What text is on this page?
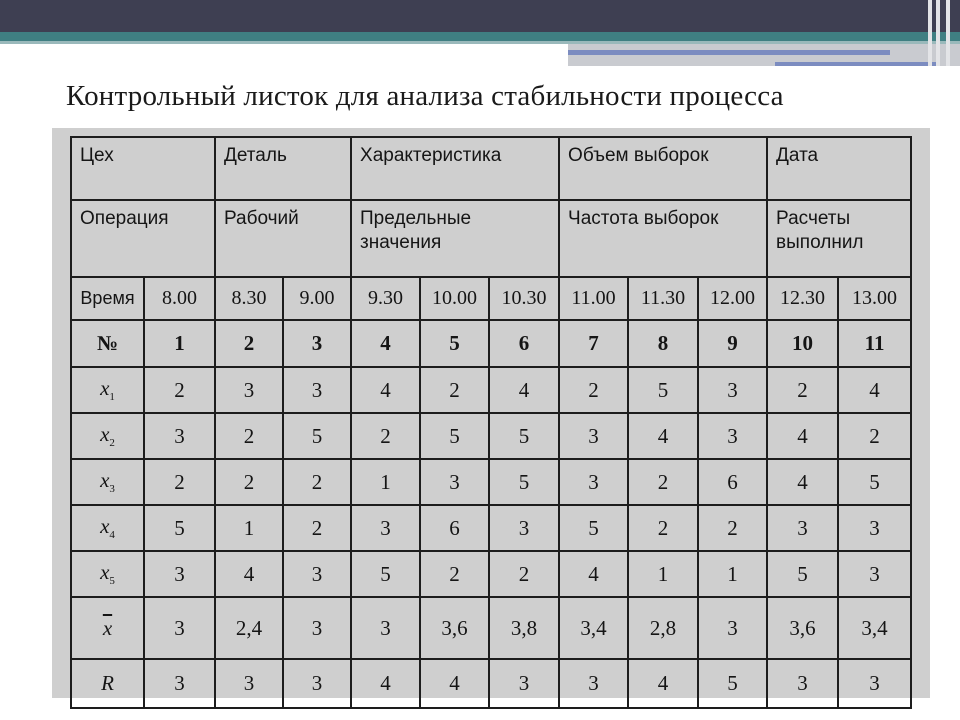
Контрольный листок для анализа стабильности процесса
Цех		Деталь		Характеристика			Объем выборок			Дата	
Операция		Рабочий		Предельные значения			Частота выборок			Расчеты выполнил	
Время	8.00	8.30	9.00	9.30	10.00	10.30	11.00	11.30	12.00	12.30	13.00
№	1	2	3	4	5	6	7	8	9	10	11
$x_1$	2	3	3	4	2	4	2	5	3	2	4
$x_2$	3	2	5	2	5	5	3	4	3	4	2
$x_3$	2	2	2	1	3	5	3	2	6	4	5
$x_4$	5	1	2	3	6	3	5	2	2	3	3
$x_5$	3	4	3	5	2	2	4	1	1	5	3
$\overline{x}$	3	2,4	3	3	3,6	3,8	3,4	2,8	3	3,6	3,4
R	3	3	3	4	4	3	3	4	5	3	3
